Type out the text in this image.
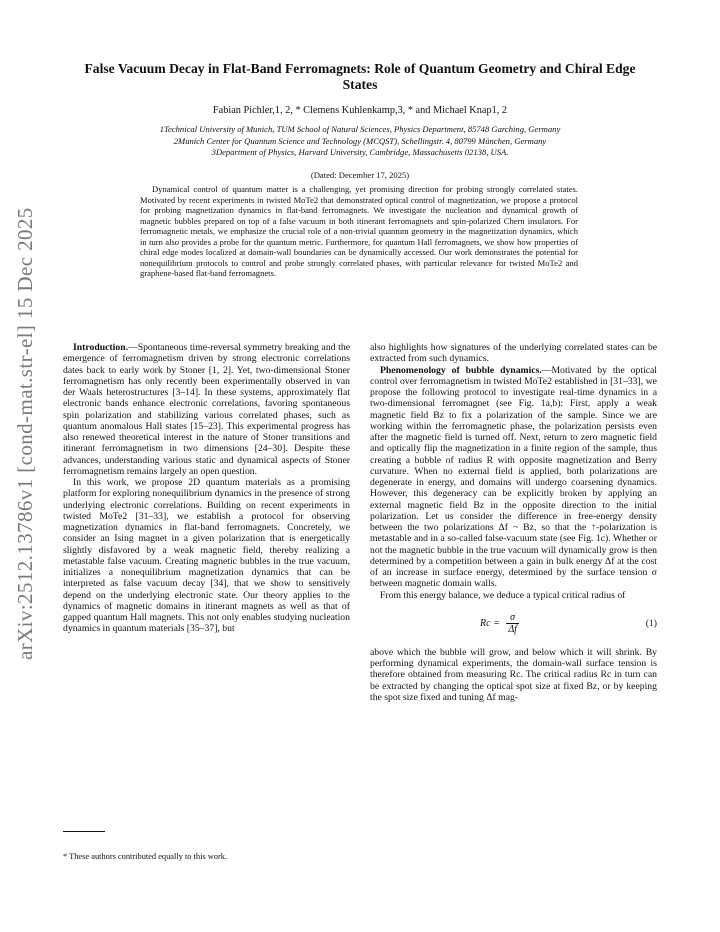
arXiv:2512.13786v1 [cond-mat.str-el] 15 Dec 2025
False Vacuum Decay in Flat-Band Ferromagnets: Role of Quantum Geometry and Chiral Edge States
Fabian Pichler,1, 2, * Clemens Kuhlenkamp,3, * and Michael Knap1, 2
1Technical University of Munich, TUM School of Natural Sciences, Physics Department, 85748 Garching, Germany
2Munich Center for Quantum Science and Technology (MCQST), Schellingstr. 4, 80799 München, Germany
3Department of Physics, Harvard University, Cambridge, Massachusetts 02138, USA.
(Dated: December 17, 2025)
Dynamical control of quantum matter is a challenging, yet promising direction for probing strongly correlated states. Motivated by recent experiments in twisted MoTe2 that demonstrated optical control of magnetization, we propose a protocol for probing magnetization dynamics in flat-band ferromagnets. We investigate the nucleation and dynamical growth of magnetic bubbles prepared on top of a false vacuum in both itinerant ferromagnets and spin-polarized Chern insulators. For ferromagnetic metals, we emphasize the crucial role of a non-trivial quantum geometry in the magnetization dynamics, which in turn also provides a probe for the quantum metric. Furthermore, for quantum Hall ferromagnets, we show how properties of chiral edge modes localized at domain-wall boundaries can be dynamically accessed. Our work demonstrates the potential for nonequilibrium protocols to control and probe strongly correlated phases, with particular relevance for twisted MoTe2 and graphene-based flat-band ferromagnets.

Introduction.—Spontaneous time-reversal symmetry breaking and the emergence of ferromagnetism driven by strong electronic correlations dates back to early work by Stoner [1, 2]. Yet, two-dimensional Stoner ferromagnetism has only recently been experimentally observed in van der Waals heterostructures [3–14]. In these systems, approximately flat electronic bands enhance electronic correlations, favoring spontaneous spin polarization and stabilizing various correlated phases, such as quantum anomalous Hall states [15–23]. This experimental progress has also renewed theoretical interest in the nature of Stoner transitions and itinerant ferromagnetism in two dimensions [24–30]. Despite these advances, understanding various static and dynamical aspects of Stoner ferromagnetism remains largely an open question.

In this work, we propose 2D quantum materials as a promising platform for exploring nonequilibrium dynamics in the presence of strong underlying electronic correlations. Building on recent experiments in twisted MoTe2 [31–33], we establish a protocol for observing magnetization dynamics in flat-band ferromagnets. Concretely, we consider an Ising magnet in a given polarization that is energetically slightly disfavored by a weak magnetic field, thereby realizing a metastable false vacuum. Creating magnetic bubbles in the true vacuum, initializes a nonequilibrium magnetization dynamics that can be interpreted as false vacuum decay [34], that we show to sensitively depend on the underlying electronic state. Our theory applies to the dynamics of magnetic domains in itinerant magnets as well as that of gapped quantum Hall magnets. This not only enables studying nucleation dynamics in quantum materials [35–37], but

also highlights how signatures of the underlying correlated states can be extracted from such dynamics.

Phenomenology of bubble dynamics.—Motivated by the optical control over ferromagnetism in twisted MoTe2 established in [31–33], we propose the following protocol to investigate real-time dynamics in a two-dimensional ferromagnet (see Fig. 1a,b): First, apply a weak magnetic field Bz to fix a polarization of the sample. Since we are working within the ferromagnetic phase, the polarization persists even after the magnetic field is turned off. Next, return to zero magnetic field and optically flip the magnetization in a finite region of the sample, thus creating a bubble of radius R with opposite magnetization and Berry curvature. When no external field is applied, both polarizations are degenerate in energy, and domains will undergo coarsening dynamics. However, this degeneracy can be explicitly broken by applying an external magnetic field Bz in the opposite direction to the initial polarization. Let us consider the difference in free-energy density between the two polarizations Δf ~ Bz, so that the ↑-polarization is metastable and in a so-called false-vacuum state (see Fig. 1c). Whether or not the magnetic bubble in the true vacuum will dynamically grow is then determined by a competition between a gain in bulk energy Δf at the cost of an increase in surface energy, determined by the surface tension σ between magnetic domain walls.

From this energy balance, we deduce a typical critical radius of

$Rc = \frac{\sigma}{\Delta f}$	(1)

above which the bubble will grow, and below which it will shrink. By performing dynamical experiments, the domain-wall surface tension is therefore obtained from measuring Rc. The critical radius Rc in turn can be extracted by changing the optical spot size at fixed Bz, or by keeping the spot size fixed and tuning Δf mag-

* These authors contributed equally to this work.
